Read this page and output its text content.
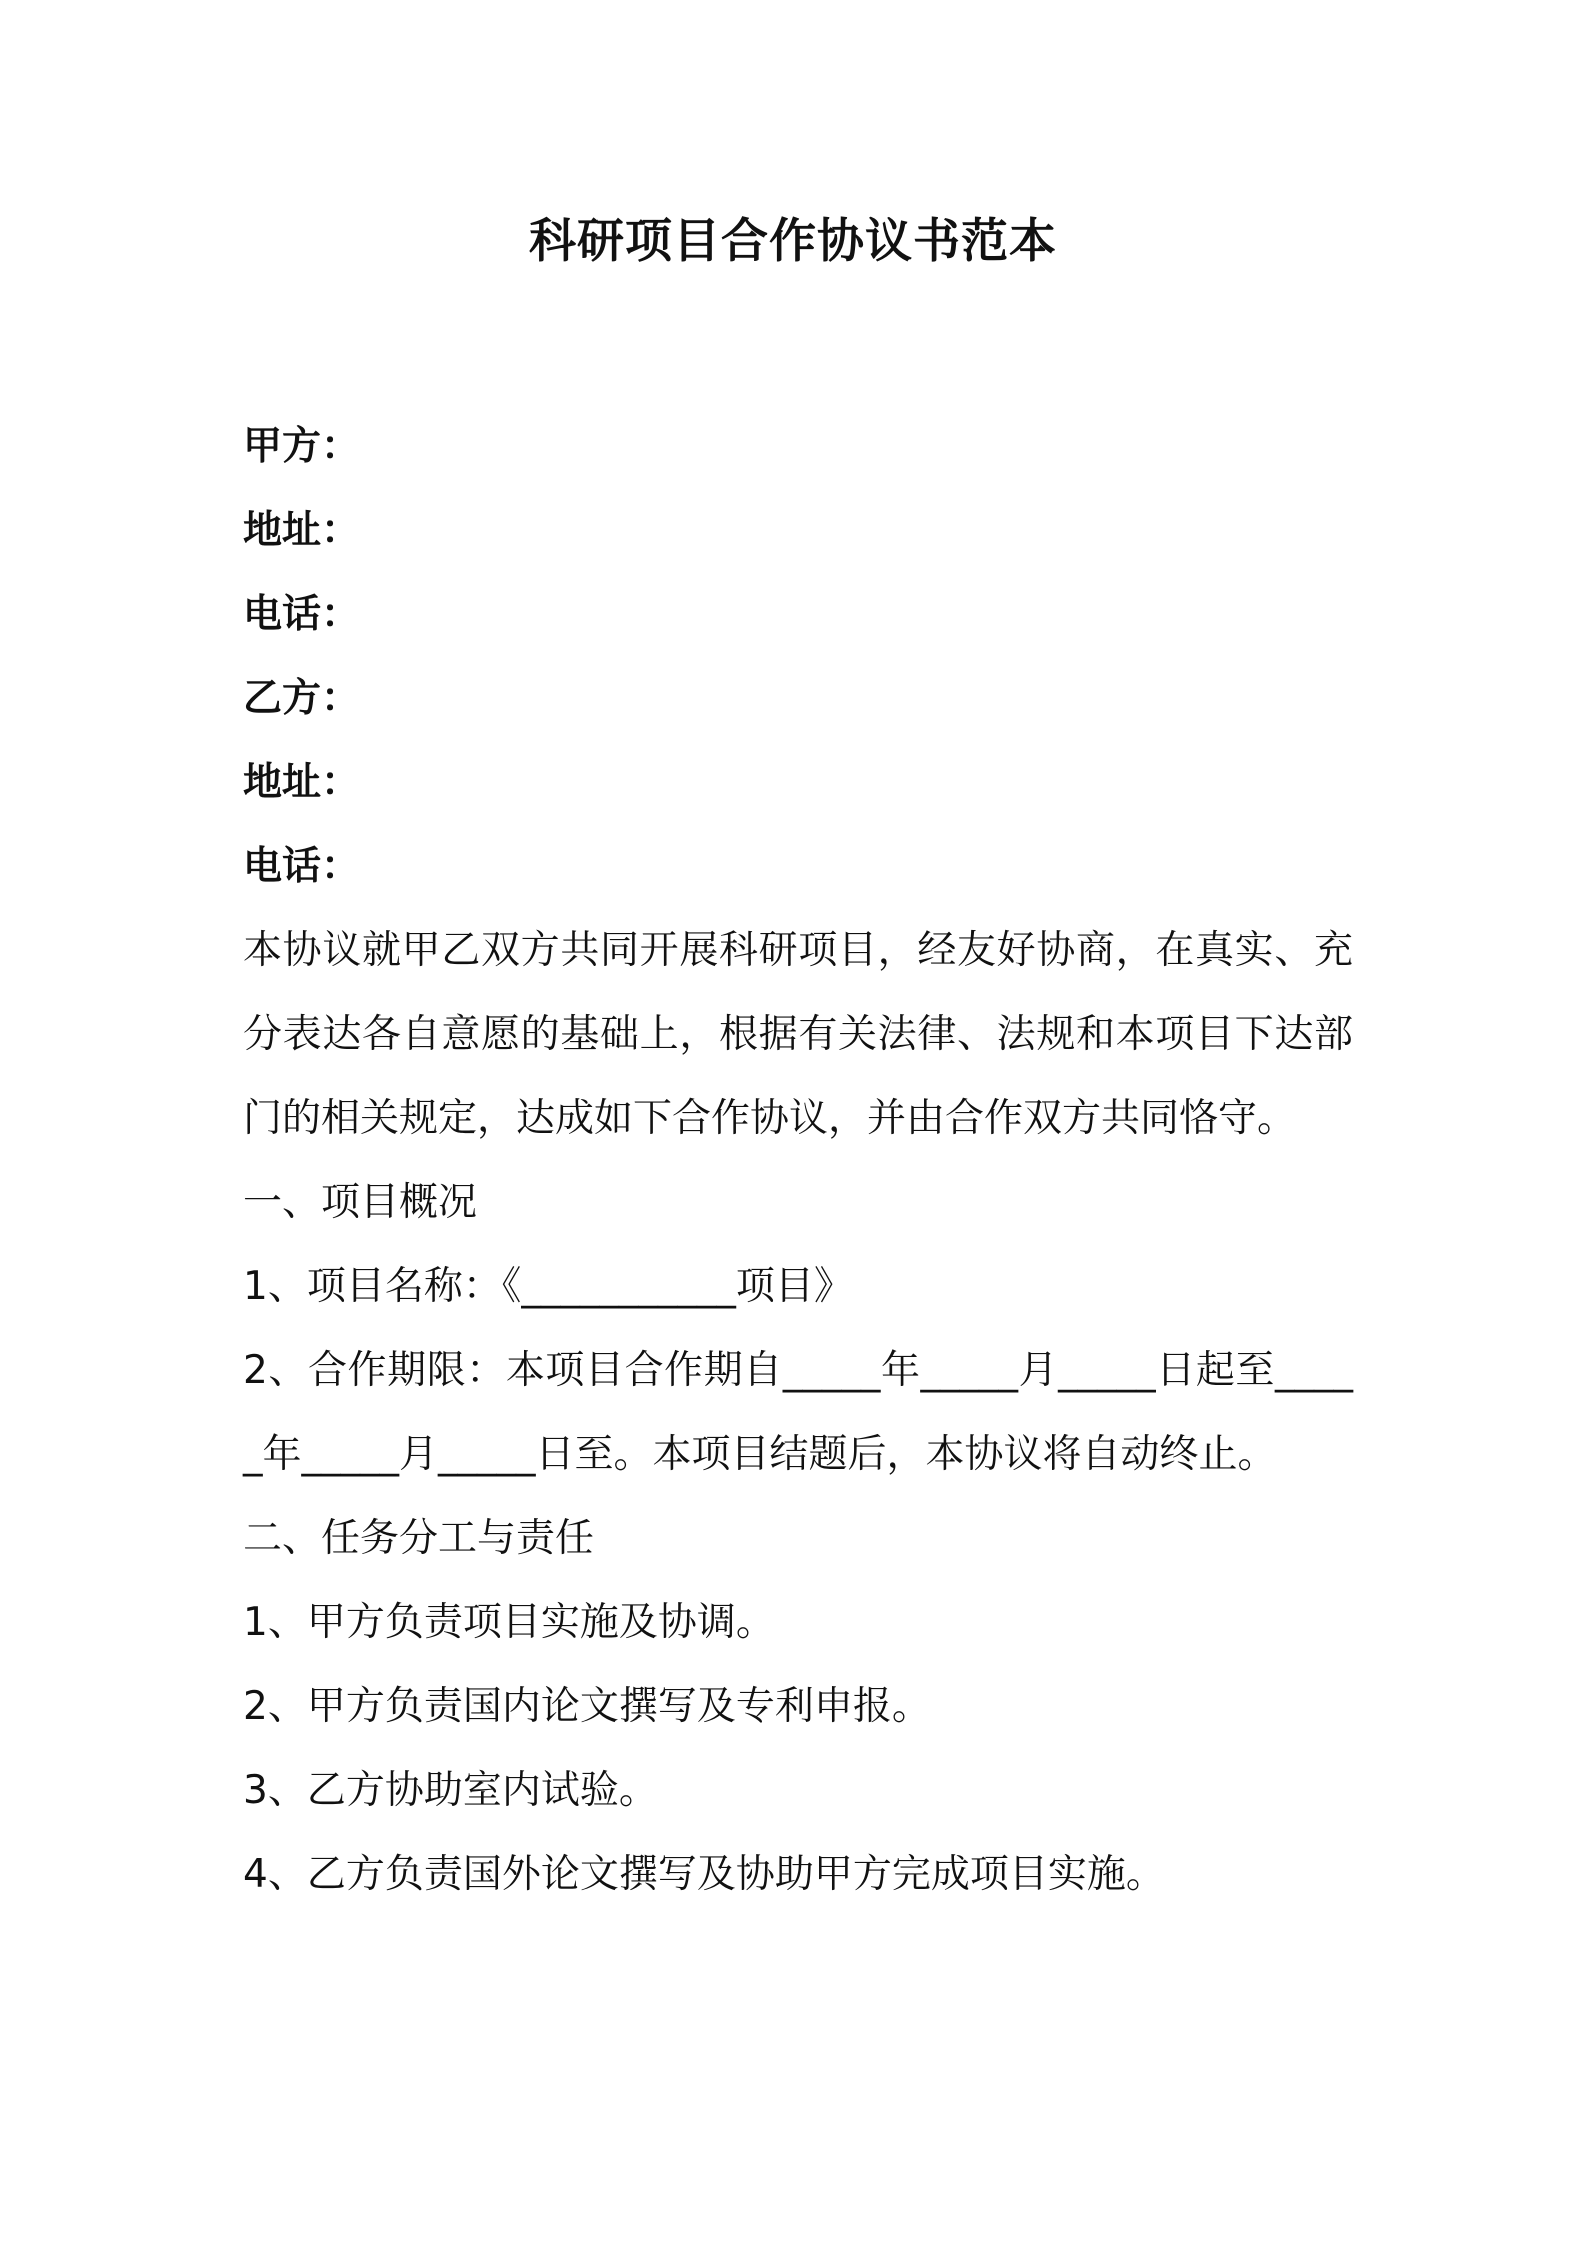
科研项目合作协议书范本

甲方：

地址：

电话：

乙方：

地址：

电话：

本协议就甲乙双方共同开展科研项目，经友好协商，在真实、充分表达各自意愿的基础上，根据有关法律、法规和本项目下达部门的相关规定，达成如下合作协议，并由合作双方共同恪守。

一、项目概况

1、项目名称：《___________项目》

2、合作期限：本项目合作期自_____年_____月_____日起至_____年_____月_____日至。本项目结题后，本协议将自动终止。

二、任务分工与责任

1、甲方负责项目实施及协调。

2、甲方负责国内论文撰写及专利申报。

3、乙方协助室内试验。

4、乙方负责国外论文撰写及协助甲方完成项目实施。
